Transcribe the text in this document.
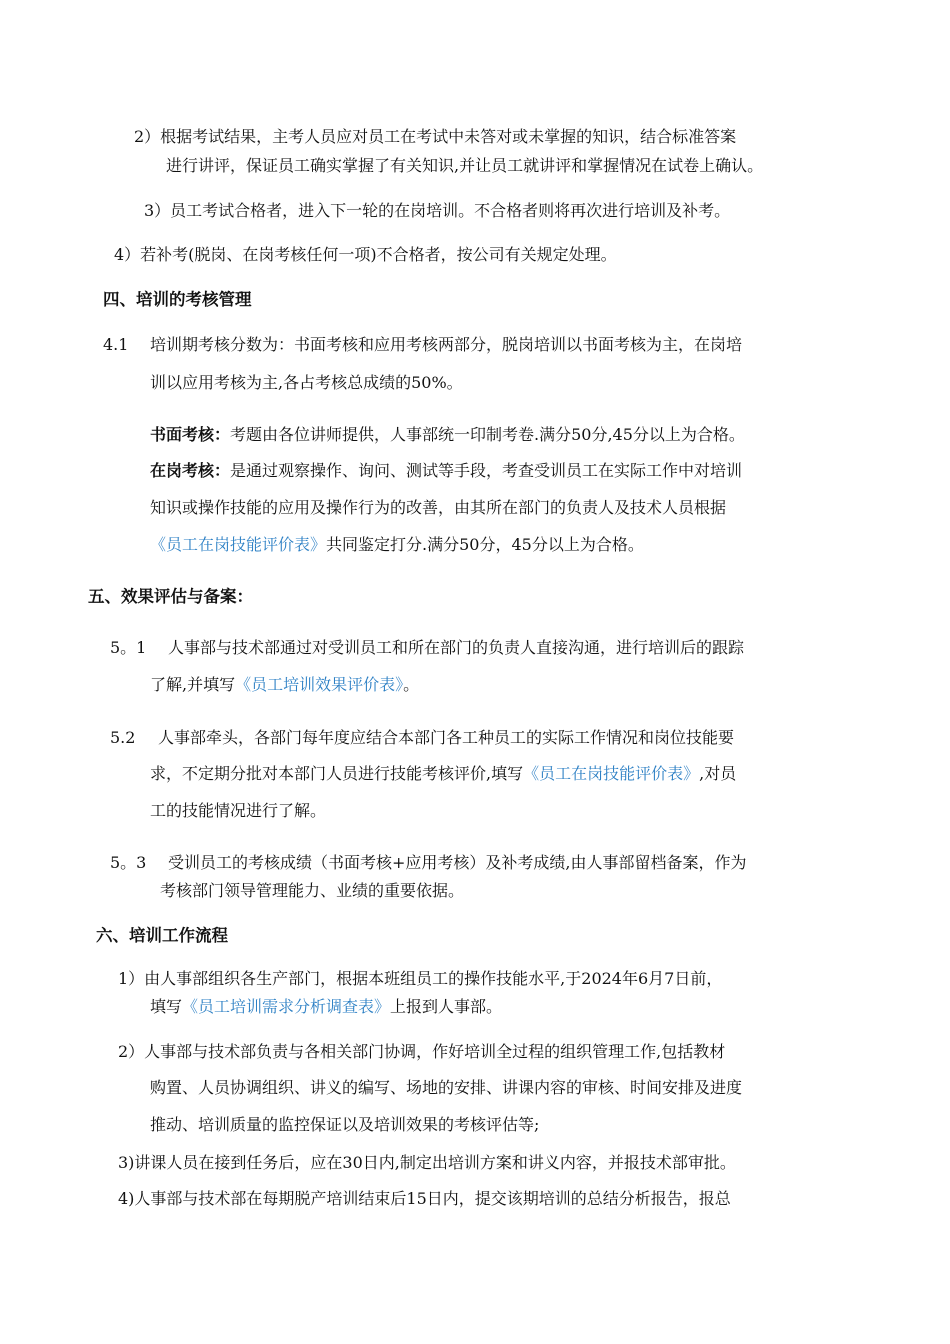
2）根据考试结果，主考人员应对员工在考试中未答对或未掌握的知识，结合标准答案
进行讲评，保证员工确实掌握了有关知识,并让员工就讲评和掌握情况在试卷上确认。
3）员工考试合格者，进入下一轮的在岗培训。不合格者则将再次进行培训及补考。
4）若补考(脱岗、在岗考核任何一项)不合格者，按公司有关规定处理。
四、培训的考核管理
4.1 培训期考核分数为：书面考核和应用考核两部分，脱岗培训以书面考核为主，在岗培
训以应用考核为主,各占考核总成绩的50%。
书面考核：考题由各位讲师提供，人事部统一印制考卷.满分50分,45分以上为合格。
在岗考核：是通过观察操作、询问、测试等手段，考查受训员工在实际工作中对培训
知识或操作技能的应用及操作行为的改善，由其所在部门的负责人及技术人员根据
《员工在岗技能评价表》共同鉴定打分.满分50分，45分以上为合格。
五、效果评估与备案：
5。1 人事部与技术部通过对受训员工和所在部门的负责人直接沟通，进行培训后的跟踪
了解,并填写《员工培训效果评价表》。
5.2 人事部牵头，各部门每年度应结合本部门各工种员工的实际工作情况和岗位技能要
求，不定期分批对本部门人员进行技能考核评价,填写《员工在岗技能评价表》,对员
工的技能情况进行了解。
5。3 受训员工的考核成绩（书面考核+应用考核）及补考成绩,由人事部留档备案，作为
考核部门领导管理能力、业绩的重要依据。
六、培训工作流程
1）由人事部组织各生产部门，根据本班组员工的操作技能水平,于2024年6月7日前，
填写《员工培训需求分析调查表》上报到人事部。
2）人事部与技术部负责与各相关部门协调，作好培训全过程的组织管理工作,包括教材
购置、人员协调组织、讲义的编写、场地的安排、讲课内容的审核、时间安排及进度
推动、培训质量的监控保证以及培训效果的考核评估等;
3)讲课人员在接到任务后，应在30日内,制定出培训方案和讲义内容，并报技术部审批。
4)人事部与技术部在每期脱产培训结束后15日内，提交该期培训的总结分析报告，报总
